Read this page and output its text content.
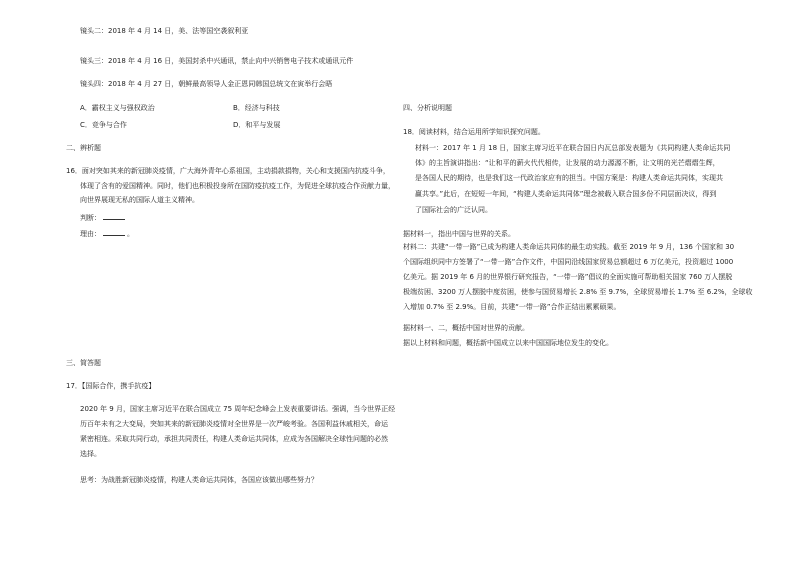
镜头二：2018 年 4 月 14 日，美、法等国空袭叙利亚
镜头三：2018 年 4 月 16 日，美国封杀中兴通讯，禁止向中兴销售电子技术或通讯元件
镜头四：2018 年 4 月 27 日，朝鲜最高领导人金正恩同韩国总统文在寅举行会晤
A．霸权主义与强权政治	B．经济与科技
C．竞争与合作	D．和平与发展
二、辨析题
16．面对突如其来的新冠肺炎疫情，广大海外青年心系祖国，主动捐款捐物，关心和支援国内抗疫斗争，
体现了含有的爱国精神。同时，他们也积极投身所在国防疫抗疫工作，为促进全球抗疫合作贡献力量，
向世界展现无私的国际人道主义精神。
判断：
理由：	。
三、简答题
17．【国际合作，携手抗疫】
2020 年 9 月，国家主席习近平在联合国成立 75 周年纪念峰会上发表重要讲话。强调，当今世界正经
历百年未有之大变局，突如其来的新冠肺炎疫情对全世界是一次严峻考验。各国利益休戚相关，命运
紧密相连。采取共同行动，承担共同责任，构建人类命运共同体，应成为各国解决全球性问题的必然
选择。
思考：为战胜新冠肺炎疫情，构建人类命运共同体，各国应该做出哪些努力？
四、分析说明题
18．阅读材料，结合运用所学知识探究问题。
材料一：2017 年 1 月 18 日，国家主席习近平在联合国日内瓦总部发表题为《共同构建人类命运共同
体》的主旨演讲指出：“让和平的薪火代代相传，让发展的动力源源不断，让文明的光芒熠熠生辉，
是各国人民的期待，也是我们这一代政治家应有的担当。中国方案是：构建人类命运共同体，实现共
赢共享。”此后，在短短一年间，“构建人类命运共同体”理念被载入联合国多份不同层面决议，得到
了国际社会的广泛认同。
据材料一，指出中国与世界的关系。
材料二：共建“一带一路”已成为构建人类命运共同体的最生动实践。截至 2019 年 9 月，136 个国家和 30
个国际组织同中方签署了“一带一路”合作文件，中国同沿线国家贸易总额超过 6 万亿美元，投资超过 1000
亿美元。据 2019 年 6 月的世界银行研究报告，“一带一路”倡议的全面实施可帮助相关国家 760 万人摆脱
极端贫困、3200 万人摆脱中度贫困，使参与国贸易增长 2.8% 至 9.7%，全球贸易增长 1.7% 至 6.2%，全球收
入增加 0.7% 至 2.9%。目前，共建“一带一路”合作正结出累累硕果。
据材料一、二，概括中国对世界的贡献。
据以上材料和问题，概括新中国成立以来中国国际地位发生的变化。
